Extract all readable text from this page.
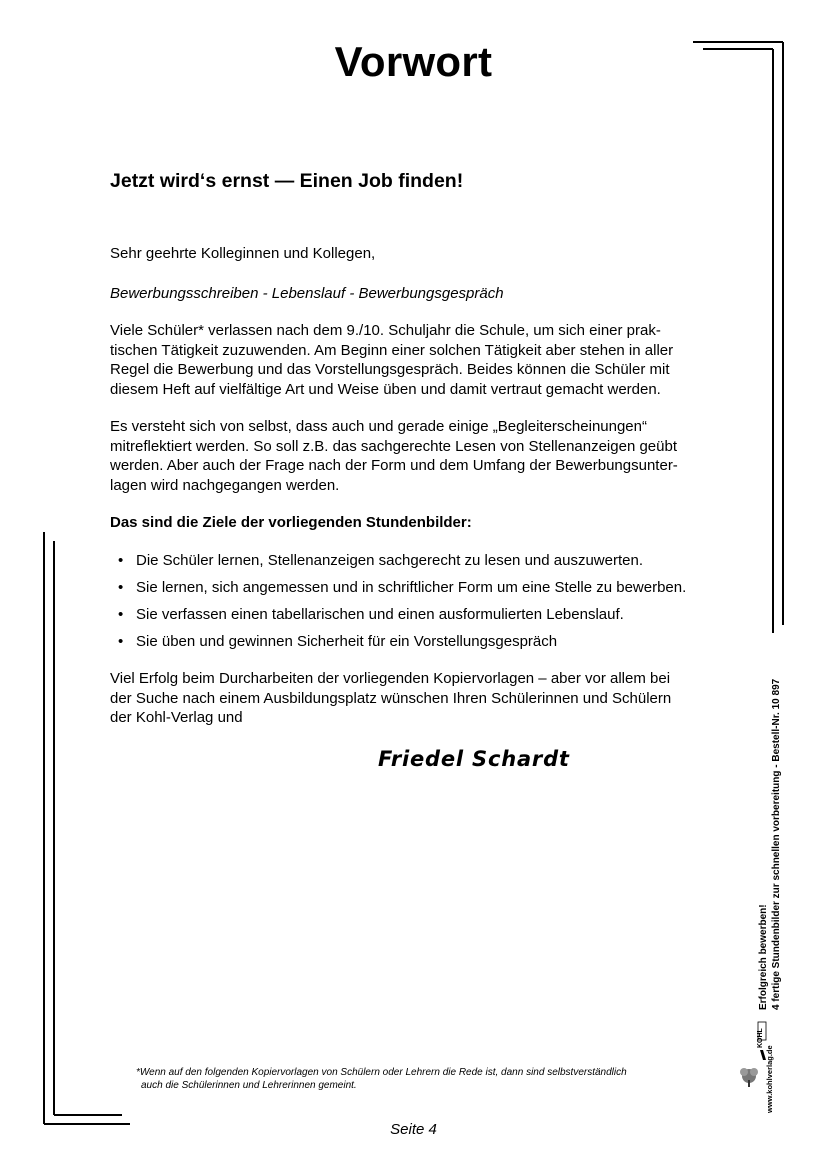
Vorwort
Jetzt wird‘s ernst — Einen Job finden!

Sehr geehrte Kolleginnen und Kollegen,

Bewerbungsschreiben - Lebenslauf - Bewerbungsgespräch

Viele Schüler* verlassen nach dem 9./10. Schuljahr die Schule, um sich einer prak-
tischen Tätigkeit zuzuwenden. Am Beginn einer solchen Tätigkeit aber stehen in aller
Regel die Bewerbung und das Vorstellungsgespräch. Beides können die Schüler mit
diesem Heft auf vielfältige Art und Weise üben und damit vertraut gemacht werden.

Es versteht sich von selbst, dass auch und gerade einige „Begleiterscheinungen“
mitreflektiert werden. So soll z.B. das sachgerechte Lesen von Stellenanzeigen geübt
werden. Aber auch der Frage nach der Form und dem Umfang der Bewerbungsunter-
lagen wird nachgegangen werden.

Das sind die Ziele der vorliegenden Stundenbilder:

• Die Schüler lernen, Stellenanzeigen sachgerecht zu lesen und auszuwerten.
• Sie lernen, sich angemessen und in schriftlicher Form um eine Stelle zu bewerben.
• Sie verfassen einen tabellarischen und einen ausformulierten Lebenslauf.
• Sie üben und gewinnen Sicherheit für ein Vorstellungsgespräch

Viel Erfolg beim Durcharbeiten der vorliegenden Kopiervorlagen – aber vor allem bei
der Suche nach einem Ausbildungsplatz wünschen Ihren Schülerinnen und Schülern
der Kohl-Verlag und

Friedel Schardt

*Wenn auf den folgenden Kopiervorlagen von Schülern oder Lehrern die Rede ist, dann sind selbstverständlich
auch die Schülerinnen und Lehrerinnen gemeint.

Seite 4

Erfolgreich bewerben! 4 fertige Stundenbilder zur schnellen vorbereitung - Bestell-Nr. 10 897
www.kohlverlag.de
KOHL
